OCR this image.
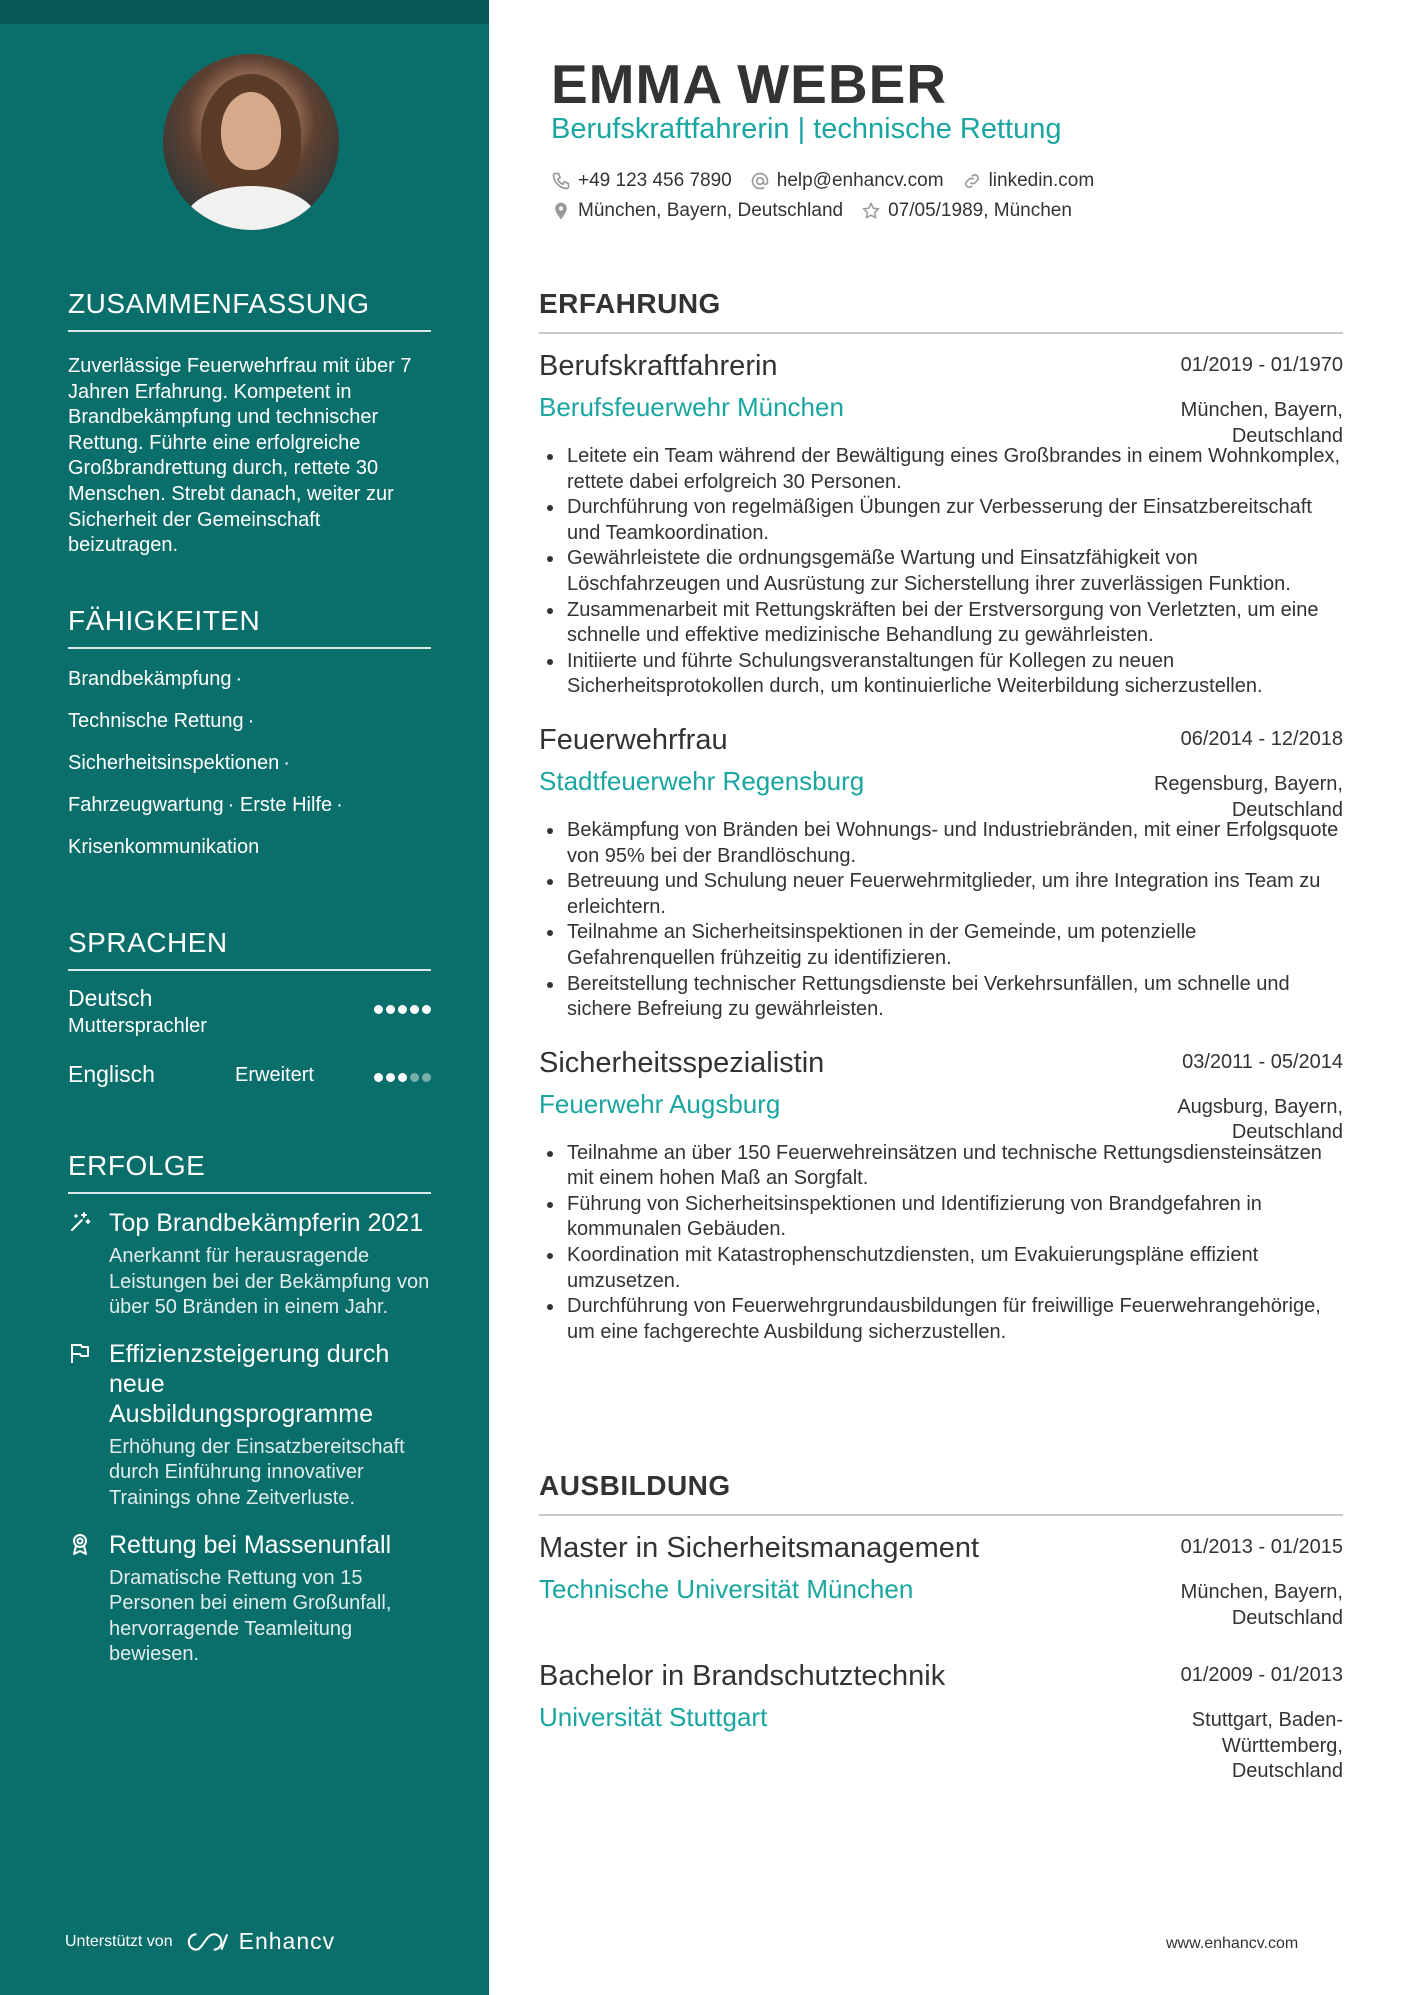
ZUSAMMENFASSUNG

Zuverlässige Feuerwehrfrau mit über 7 Jahren Erfahrung. Kompetent in Brandbekämpfung und technischer Rettung. Führte eine erfolgreiche Großbrandrettung durch, rettete 30 Menschen. Strebt danach, weiter zur Sicherheit der Gemeinschaft beizutragen.

FÄHIGKEITEN
Brandbekämpfung ·
Technische Rettung ·
Sicherheitsinspektionen ·
Fahrzeugwartung · Erste Hilfe ·
Krisenkommunikation
SPRACHEN
Deutsch
Muttersprachler
Englisch	Erweitert
ERFOLGE
Top Brandbekämpferin 2021
Anerkannt für herausragende Leistungen bei der Bekämpfung von über 50 Bränden in einem Jahr.
Effizienzsteigerung durch neue Ausbildungsprogramme
Erhöhung der Einsatzbereitschaft durch Einführung innovativer Trainings ohne Zeitverluste.
Rettung bei Massenunfall
Dramatische Rettung von 15 Personen bei einem Großunfall, hervorragende Teamleitung bewiesen.
Unterstützt von	Enhancv
EMMA WEBER
Berufskraftfahrerin | technische Rettung
+49 123 456 7890 help@enhancv.com linkedin.com
München, Bayern, Deutschland 07/05/1989, München
ERFAHRUNG
Berufskraftfahrerin	01/2019 - 01/1970
Berufsfeuerwehr München	München, Bayern,
Deutschland
Leitete ein Team während der Bewältigung eines Großbrandes in einem Wohnkomplex, rettete dabei erfolgreich 30 Personen.
Durchführung von regelmäßigen Übungen zur Verbesserung der Einsatzbereitschaft und Teamkoordination.
Gewährleistete die ordnungsgemäße Wartung und Einsatzfähigkeit von Löschfahrzeugen und Ausrüstung zur Sicherstellung ihrer zuverlässigen Funktion.
Zusammenarbeit mit Rettungskräften bei der Erstversorgung von Verletzten, um eine schnelle und effektive medizinische Behandlung zu gewährleisten.
Initiierte und führte Schulungsveranstaltungen für Kollegen zu neuen Sicherheitsprotokollen durch, um kontinuierliche Weiterbildung sicherzustellen.
Feuerwehrfrau	06/2014 - 12/2018
Stadtfeuerwehr Regensburg	Regensburg, Bayern,
Deutschland
Bekämpfung von Bränden bei Wohnungs- und Industriebränden, mit einer Erfolgsquote von 95% bei der Brandlöschung.
Betreuung und Schulung neuer Feuerwehrmitglieder, um ihre Integration ins Team zu erleichtern.
Teilnahme an Sicherheitsinspektionen in der Gemeinde, um potenzielle Gefahrenquellen frühzeitig zu identifizieren.
Bereitstellung technischer Rettungsdienste bei Verkehrsunfällen, um schnelle und sichere Befreiung zu gewährleisten.
Sicherheitsspezialistin	03/2011 - 05/2014
Feuerwehr Augsburg	Augsburg, Bayern,
Deutschland
Teilnahme an über 150 Feuerwehreinsätzen und technische Rettungsdiensteinsätzen mit einem hohen Maß an Sorgfalt.
Führung von Sicherheitsinspektionen und Identifizierung von Brandgefahren in kommunalen Gebäuden.
Koordination mit Katastrophenschutzdiensten, um Evakuierungspläne effizient umzusetzen.
Durchführung von Feuerwehrgrundausbildungen für freiwillige Feuerwehrangehörige, um eine fachgerechte Ausbildung sicherzustellen.
AUSBILDUNG
Master in Sicherheitsmanagement	01/2013 - 01/2015
Technische Universität München	München, Bayern,
Deutschland
Bachelor in Brandschutztechnik	01/2009 - 01/2013
Universität Stuttgart	Stuttgart, Baden-
Württemberg,
Deutschland
www.enhancv.com
